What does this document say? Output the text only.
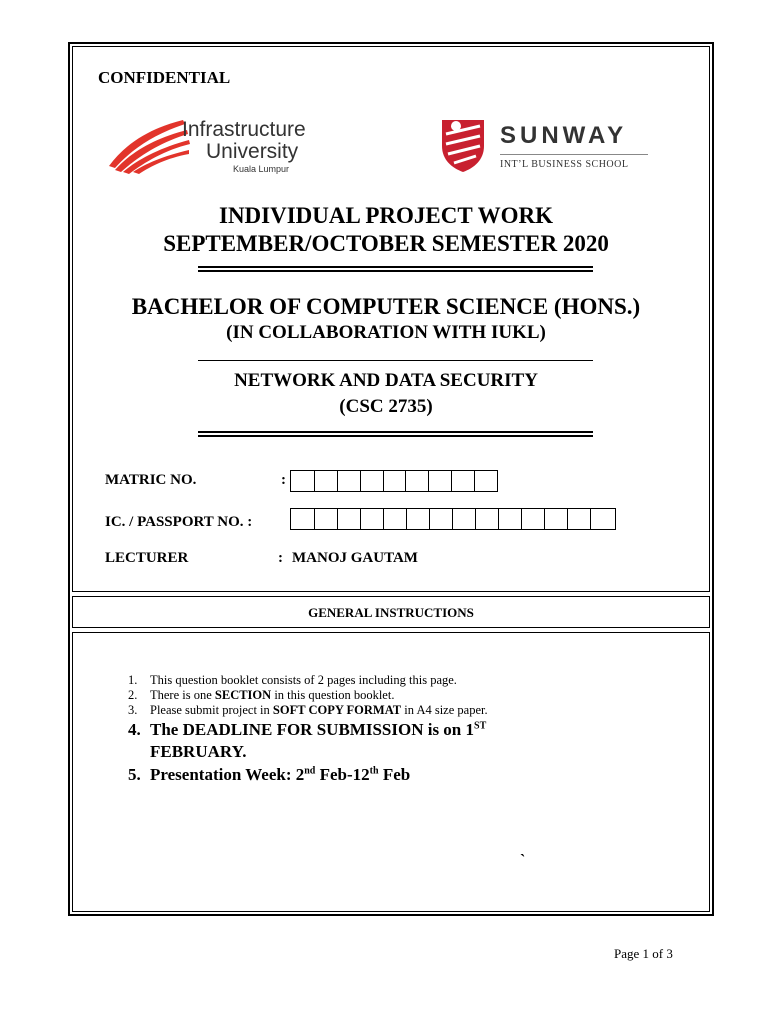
CONFIDENTIAL
Infrastructure
University
Kuala Lumpur
SUNWAY
INT’L BUSINESS SCHOOL
INDIVIDUAL PROJECT WORK
SEPTEMBER/OCTOBER SEMESTER 2020
BACHELOR OF COMPUTER SCIENCE (HONS.)
(IN COLLABORATION WITH IUKL)
NETWORK AND DATA SECURITY
(CSC 2735)
MATRIC NO.	:
IC. / PASSPORT NO. :
LECTURER	: MANOJ GAUTAM
GENERAL INSTRUCTIONS
1. This question booklet consists of 2 pages including this page.
2. There is one SECTION in this question booklet.
3. Please submit project in SOFT COPY FORMAT in A4 size paper.
4. The DEADLINE FOR SUBMISSION is on 1ST
FEBRUARY.
5. Presentation Week: 2nd Feb-12th Feb
`
Page 1 of 3
